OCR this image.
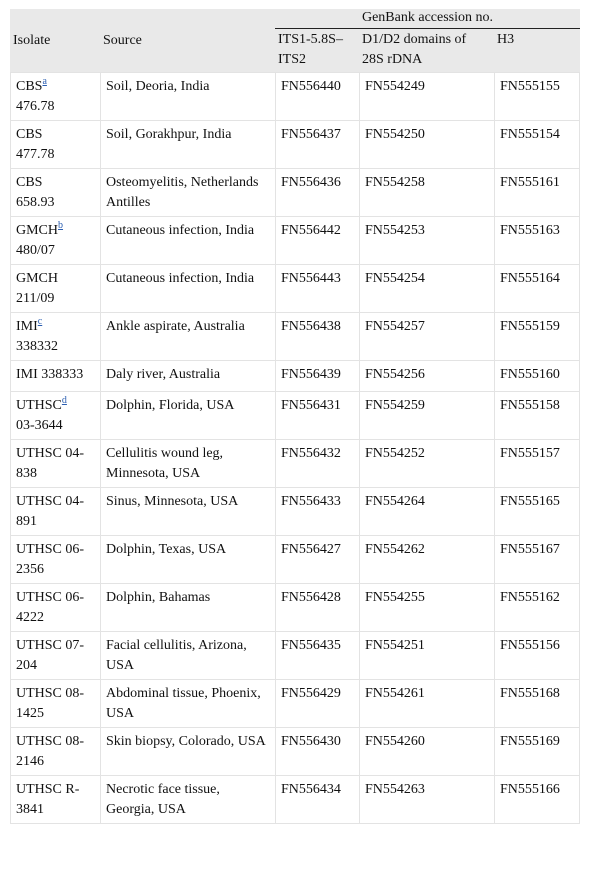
Isolate	Source	GenBank accession no.		
		ITS1-5.8S–ITS2	D1/D2 domains of 28S rDNA	H3
CBS$^a$
476.78	Soil, Deoria, India	FN556440	FN554249	FN555155
CBS
477.78	Soil, Gorakhpur, India	FN556437	FN554250	FN555154
CBS
658.93	Osteomyelitis, Netherlands Antilles	FN556436	FN554258	FN555161
GMCH$^b$
480/07	Cutaneous infection, India	FN556442	FN554253	FN555163
GMCH
211/09	Cutaneous infection, India	FN556443	FN554254	FN555164
IMI$^c$
338332	Ankle aspirate, Australia	FN556438	FN554257	FN555159
IMI 338333	Daly river, Australia	FN556439	FN554256	FN555160
UTHSC$^d$
03-3644	Dolphin, Florida, USA	FN556431	FN554259	FN555158
UTHSC 04-
838	Cellulitis wound leg, Minnesota, USA	FN556432	FN554252	FN555157
UTHSC 04-
891	Sinus, Minnesota, USA	FN556433	FN554264	FN555165
UTHSC 06-
2356	Dolphin, Texas, USA	FN556427	FN554262	FN555167
UTHSC 06-
4222	Dolphin, Bahamas	FN556428	FN554255	FN555162
UTHSC 07-
204	Facial cellulitis, Arizona, USA	FN556435	FN554251	FN555156
UTHSC 08-
1425	Abdominal tissue, Phoenix, USA	FN556429	FN554261	FN555168
UTHSC 08-
2146	Skin biopsy, Colorado, USA	FN556430	FN554260	FN555169
UTHSC R-
3841	Necrotic face tissue, Georgia, USA	FN556434	FN554263	FN555166
